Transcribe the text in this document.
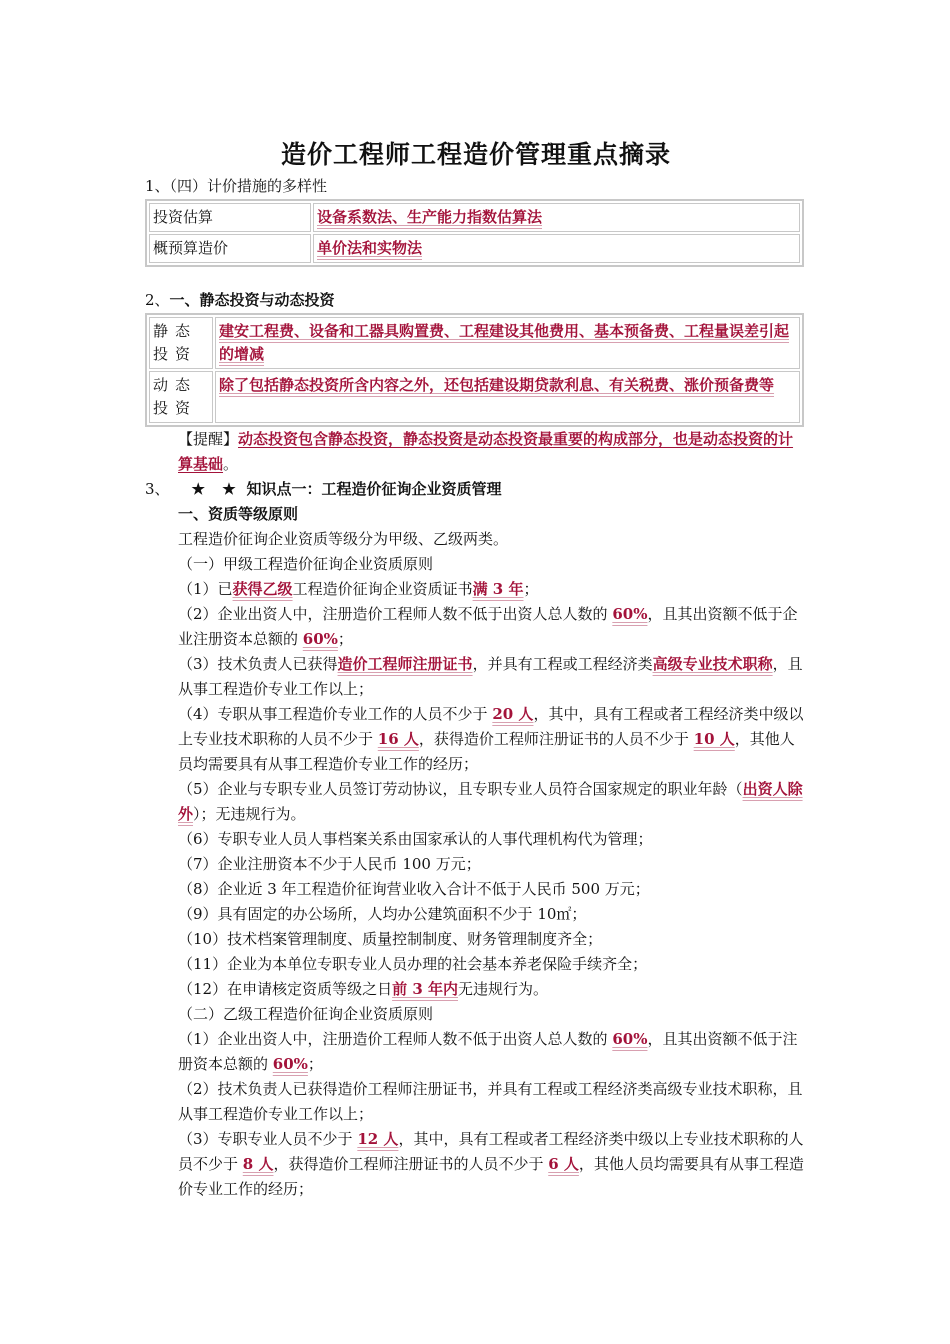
造价工程师工程造价管理重点摘录
1、（四）计价措施的多样性
投资估算	设备系数法、生产能力指数估算法
概预算造价	单价法和实物法
2、一、静态投资与动态投资
静态投资	建安工程费、设备和工器具购置费、工程建设其他费用、基本预备费、工程量误差引起的增减
动态投资	除了包括静态投资所含内容之外，还包括建设期贷款利息、有关税费、涨价预备费等
【提醒】动态投资包含静态投资，静态投资是动态投资最重要的构成部分，也是动态投资的计算基础。
3、 ★ ★ 知识点一：工程造价征询企业资质管理
一、资质等级原则
工程造价征询企业资质等级分为甲级、乙级两类。
（一）甲级工程造价征询企业资质原则
（1）已获得乙级工程造价征询企业资质证书满 3 年；
（2）企业出资人中，注册造价工程师人数不低于出资人总人数的 60%，且其出资额不低于企业注册资本总额的 60%；
（3）技术负责人已获得造价工程师注册证书，并具有工程或工程经济类高级专业技术职称，且从事工程造价专业工作以上；
（4）专职从事工程造价专业工作的人员不少于 20 人，其中，具有工程或者工程经济类中级以上专业技术职称的人员不少于 16 人，获得造价工程师注册证书的人员不少于 10 人，其他人员均需要具有从事工程造价专业工作的经历；
（5）企业与专职专业人员签订劳动协议，且专职专业人员符合国家规定的职业年龄（出资人除外）；无违规行为。
（6）专职专业人员人事档案关系由国家承认的人事代理机构代为管理；
（7）企业注册资本不少于人民币 100 万元；
（8）企业近 3 年工程造价征询营业收入合计不低于人民币 500 万元；
（9）具有固定的办公场所，人均办公建筑面积不少于 10㎡；
（10）技术档案管理制度、质量控制制度、财务管理制度齐全；
（11）企业为本单位专职专业人员办理的社会基本养老保险手续齐全；
（12）在申请核定资质等级之日前 3 年内无违规行为。
（二）乙级工程造价征询企业资质原则
（1）企业出资人中，注册造价工程师人数不低于出资人总人数的 60%，且其出资额不低于注册资本总额的 60%；
（2）技术负责人已获得造价工程师注册证书，并具有工程或工程经济类高级专业技术职称，且从事工程造价专业工作以上；
（3）专职专业人员不少于 12 人，其中，具有工程或者工程经济类中级以上专业技术职称的人员不少于 8 人，获得造价工程师注册证书的人员不少于 6 人，其他人员均需要具有从事工程造价专业工作的经历；
